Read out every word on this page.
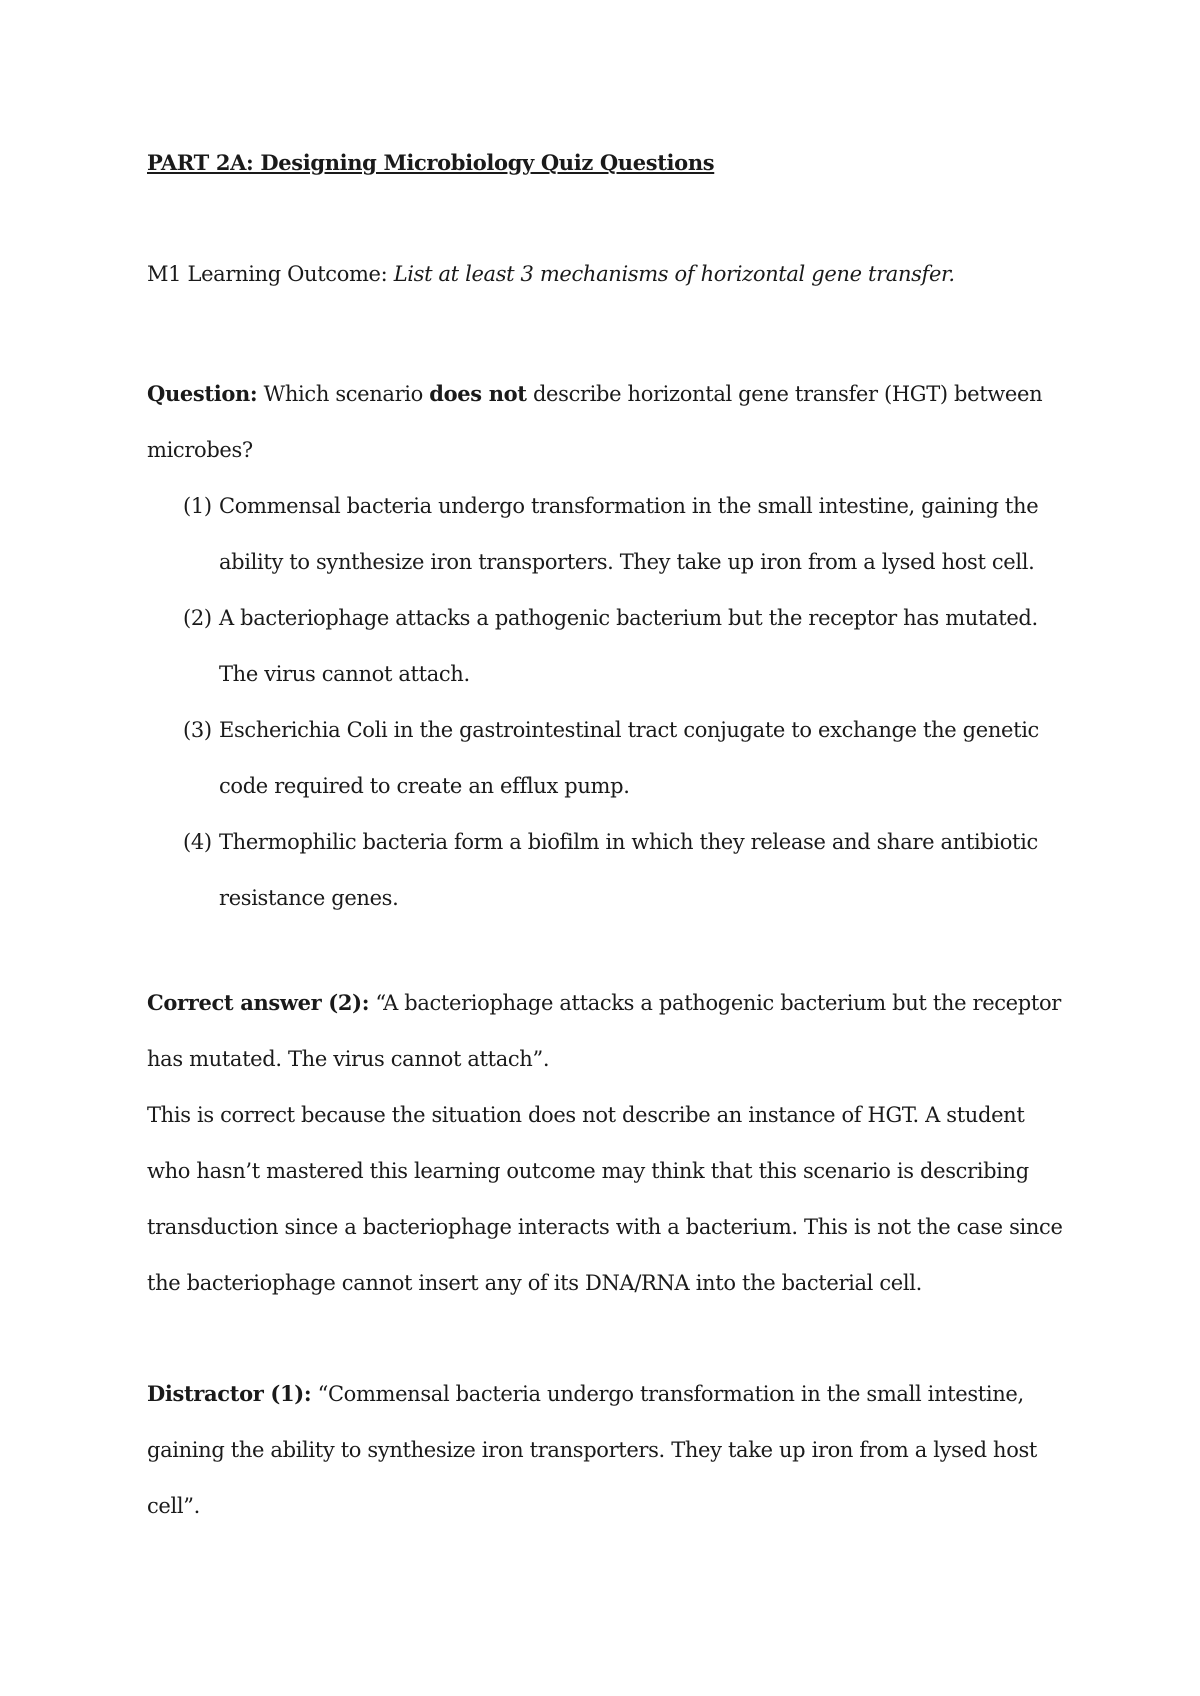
PART 2A: Designing Microbiology Quiz Questions

M1 Learning Outcome: List at least 3 mechanisms of horizontal gene transfer.

Question: Which scenario does not describe horizontal gene transfer (HGT) between microbes?

(1) Commensal bacteria undergo transformation in the small intestine, gaining the ability to synthesize iron transporters. They take up iron from a lysed host cell.
(2) A bacteriophage attacks a pathogenic bacterium but the receptor has mutated. The virus cannot attach.
(3) Escherichia Coli in the gastrointestinal tract conjugate to exchange the genetic code required to create an efflux pump.
(4) Thermophilic bacteria form a biofilm in which they release and share antibiotic resistance genes.

Correct answer (2): “A bacteriophage attacks a pathogenic bacterium but the receptor has mutated. The virus cannot attach”.

This is correct because the situation does not describe an instance of HGT. A student who hasn’t mastered this learning outcome may think that this scenario is describing transduction since a bacteriophage interacts with a bacterium. This is not the case since the bacteriophage cannot insert any of its DNA/RNA into the bacterial cell.

Distractor (1): “Commensal bacteria undergo transformation in the small intestine, gaining the ability to synthesize iron transporters. They take up iron from a lysed host cell”.
